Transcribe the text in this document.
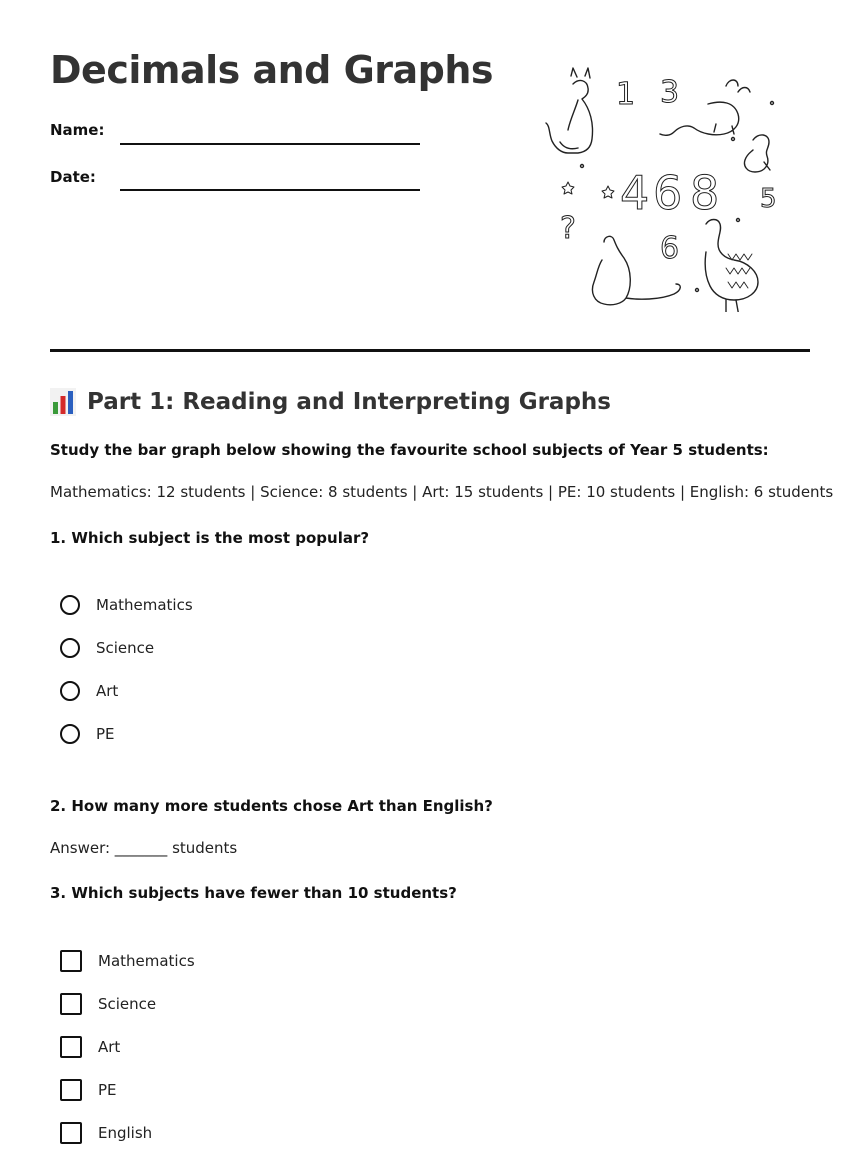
Decimals and Graphs
Name:
Date:
1 3
4 6 8 5
6
?
Part 1: Reading and Interpreting Graphs
Study the bar graph below showing the favourite school subjects of Year 5 students:
Mathematics: 12 students | Science: 8 students | Art: 15 students | PE: 10 students | English: 6 students
1. Which subject is the most popular?
Mathematics
Science
Art
PE
2. How many more students chose Art than English?
Answer: _______ students
3. Which subjects have fewer than 10 students?
Mathematics
Science
Art
PE
English
